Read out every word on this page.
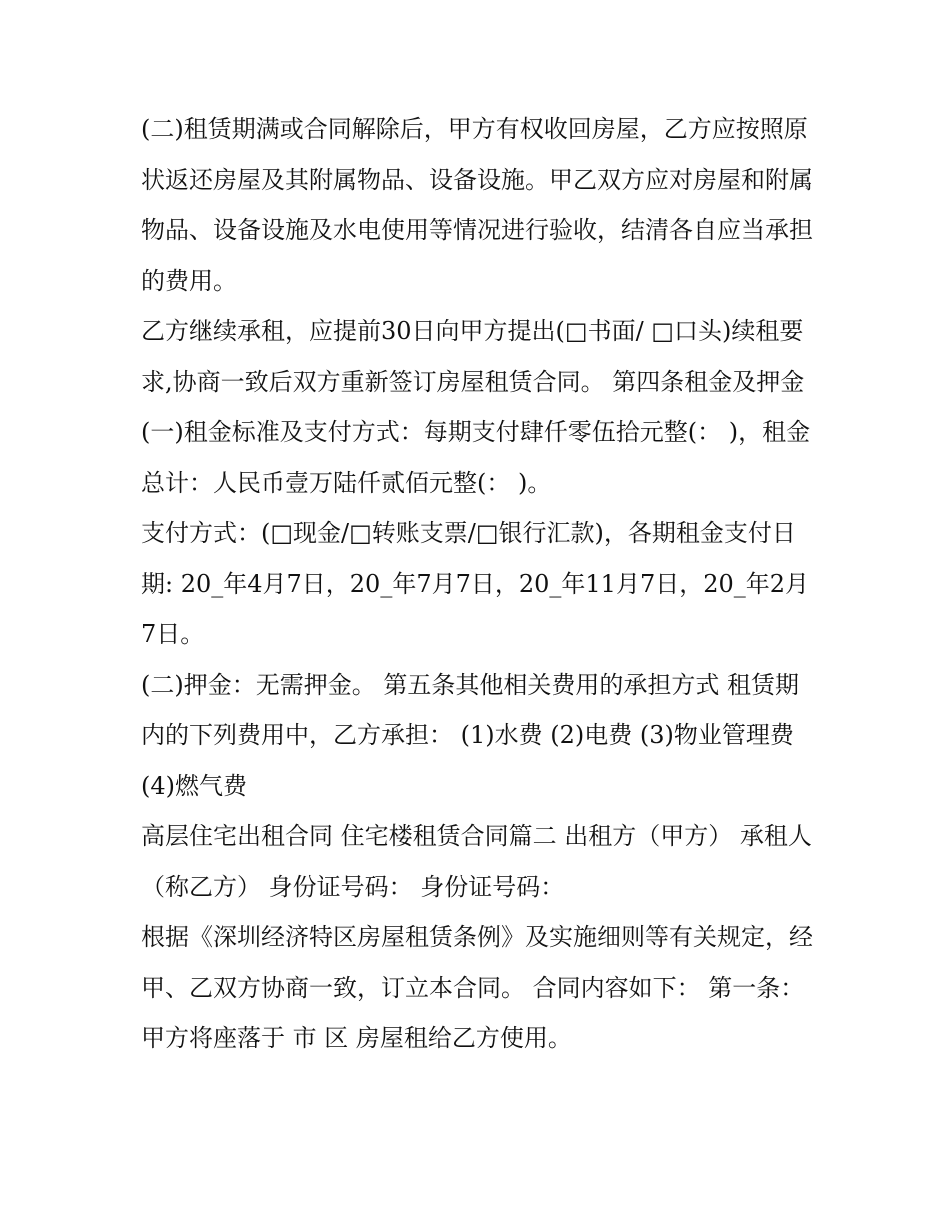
(二)租赁期满或合同解除后，甲方有权收回房屋，乙方应按照原状返还房屋及其附属物品、设备设施。甲乙双方应对房屋和附属物品、设备设施及水电使用等情况进行验收，结清各自应当承担的费用。

乙方继续承租，应提前30日向甲方提出(□书面/ □口头)续租要求,协商一致后双方重新签订房屋租赁合同。 第四条租金及押金

(一)租金标准及支付方式：每期支付肆仟零伍拾元整(： )，租金总计：人民币壹万陆仟贰佰元整(： )。

支付方式：(□现金/□转账支票/□银行汇款)，各期租金支付日期: 20_年4月7日，20_年7月7日，20_年11月7日，20_年2月7日。

(二)押金：无需押金。 第五条其他相关费用的承担方式 租赁期内的下列费用中，乙方承担： (1)水费 (2)电费 (3)物业管理费 (4)燃气费

高层住宅出租合同 住宅楼租赁合同篇二 出租方（甲方） 承租人（称乙方） 身份证号码： 身份证号码：

根据《深圳经济特区房屋租赁条例》及实施细则等有关规定，经甲、乙双方协商一致，订立本合同。 合同内容如下： 第一条：甲方将座落于 市 区 房屋租给乙方使用。
